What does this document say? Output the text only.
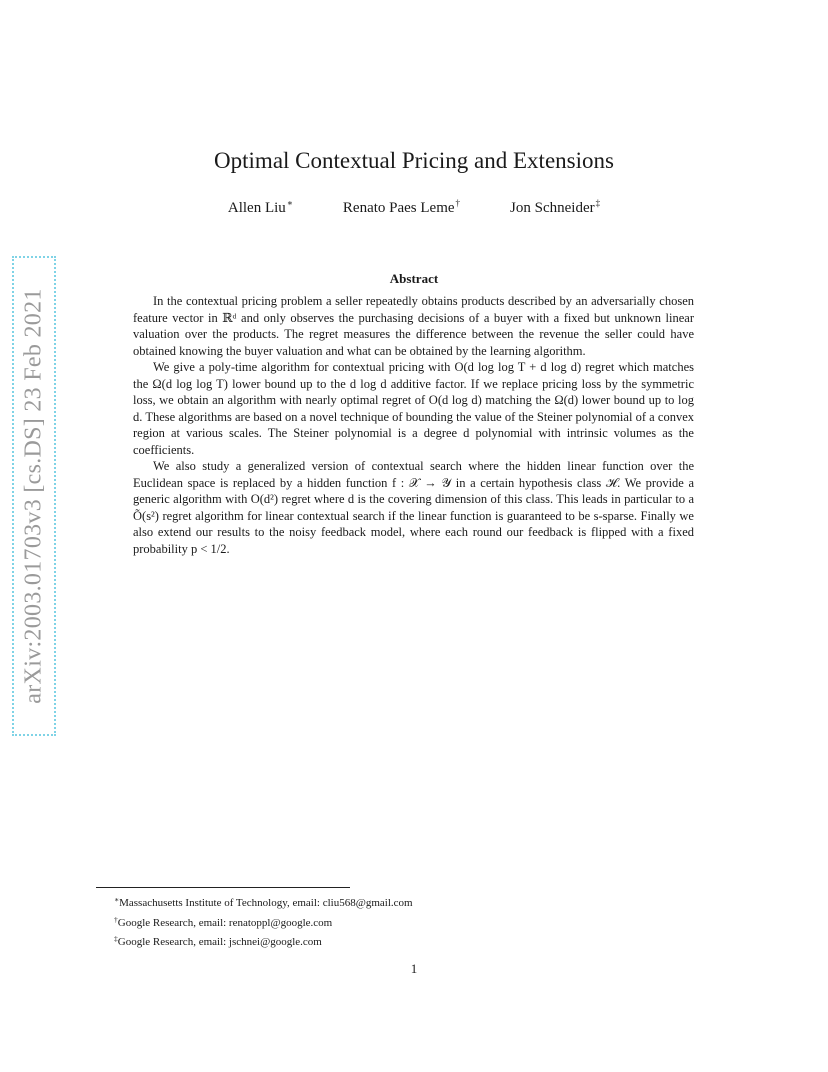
arXiv:2003.01703v3 [cs.DS] 23 Feb 2021
Optimal Contextual Pricing and Extensions
Allen Liu∗	Renato Paes Leme†	Jon Schneider‡
Abstract

In the contextual pricing problem a seller repeatedly obtains products described by an adversarially chosen feature vector in ℝᵈ and only observes the purchasing decisions of a buyer with a fixed but unknown linear valuation over the products. The regret measures the difference between the revenue the seller could have obtained knowing the buyer valuation and what can be obtained by the learning algorithm.

We give a poly-time algorithm for contextual pricing with O(d log log T + d log d) regret which matches the Ω(d log log T) lower bound up to the d log d additive factor. If we replace pricing loss by the symmetric loss, we obtain an algorithm with nearly optimal regret of O(d log d) matching the Ω(d) lower bound up to log d. These algorithms are based on a novel technique of bounding the value of the Steiner polynomial of a convex region at various scales. The Steiner polynomial is a degree d polynomial with intrinsic volumes as the coefficients.

We also study a generalized version of contextual search where the hidden linear function over the Euclidean space is replaced by a hidden function f : 𝒳 → 𝒴 in a certain hypothesis class ℋ. We provide a generic algorithm with O(d²) regret where d is the covering dimension of this class. This leads in particular to a Õ(s²) regret algorithm for linear contextual search if the linear function is guaranteed to be s-sparse. Finally we also extend our results to the noisy feedback model, where each round our feedback is flipped with a fixed probability p < 1/2.

∗Massachusetts Institute of Technology, email: cliu568@gmail.com
†Google Research, email: renatoppl@google.com
‡Google Research, email: jschnei@google.com
1
